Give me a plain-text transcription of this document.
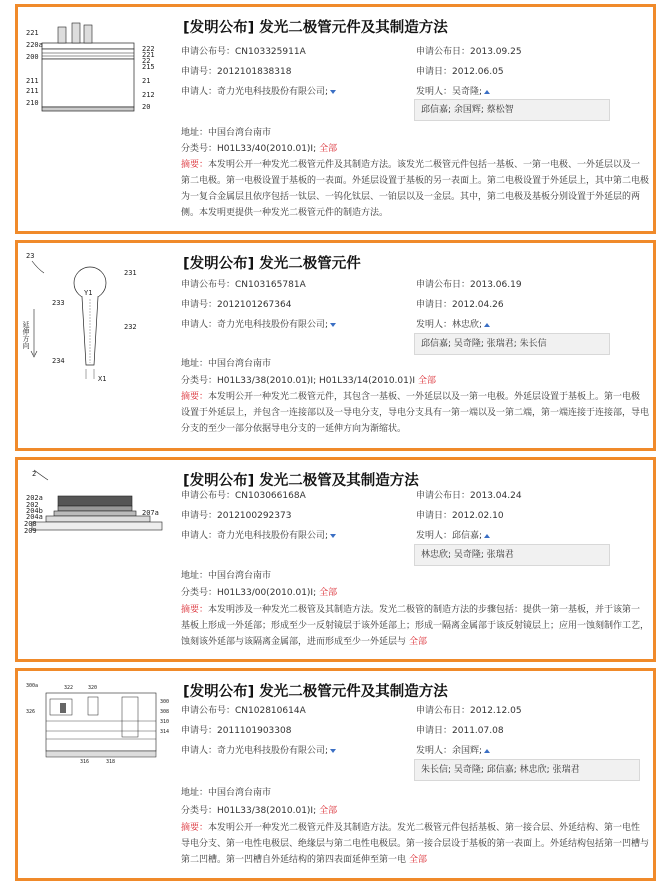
221
220a
200
222
221
22
215
211	21
211	212
210	20
[发明公布] 发光二极管元件及其制造方法
申请公布号：CN103325911A	申请公布日：2013.09.25
申请号：2012101838318	申请日：2012.06.05
申请人：奇力光电科技股份有限公司;	发明人：吴奇隆;
邱信嘉; 余国辉; 蔡松智
地址：中国台湾台南市
分类号：H01L33/40(2010.01)I; 全部
摘要：本发明公开一种发光二极管元件及其制造方法。该发光二极管元件包括一基板、一第一电极、一外延层以及一第二电极。第一电极设置于基板的一表面。外延层设置于基板的另一表面上。第二电极设置于外延层上，其中第二电极为一复合金属层且依序包括一钛层、一钨化钛层、一铂层以及一金层。其中，第二电极及基板分别设置于外延层的两侧。本发明更提供一种发光二极管元件的制造方法。
23
231
Y1
233
232
234
X1
延伸方向
[发明公布] 发光二极管元件
申请公布号：CN103165781A	申请公布日：2013.06.19
申请号：2012101267364	申请日：2012.04.26
申请人：奇力光电科技股份有限公司;	发明人：林忠欣;
邱信嘉; 吴奇隆; 张瑞君; 朱长信
地址：中国台湾台南市
分类号：H01L33/38(2010.01)I; H01L33/14(2010.01)I 全部
摘要：本发明公开一种发光二极管元件，其包含一基板、一外延层以及一第一电极。外延层设置于基板上。第一电极设置于外延层上，并包含一连接部以及一导电分支，导电分支具有一第一端以及一第二端，第一端连接于连接部，导电分支的至少一部分依据导电分支的一延伸方向为渐缩状。
2
202a
202
204b
204a	207a
208
209
[发明公布] 发光二极管及其制造方法
申请公布号：CN103066168A	申请公布日：2013.04.24
申请号：2012100292373	申请日：2012.02.10
申请人：奇力光电科技股份有限公司;	发明人：邱信嘉;
林忠欣; 吴奇隆; 张瑞君
地址：中国台湾台南市
分类号：H01L33/00(2010.01)I; 全部
摘要：本发明涉及一种发光二极管及其制造方法。发光二极管的制造方法的步骤包括：提供一第一基板，并于该第一基板上形成一外延部；形成至少一反射镜层于该外延部上；形成一隔离金属部于该反射镜层上；应用一蚀刻制作工艺，蚀刻该外延部与该隔离金属部，进而形成至少一外延层与 全部
300a	322	320
326
300
308
310
314
316	318
[发明公布] 发光二极管元件及其制造方法
申请公布号：CN102810614A	申请公布日：2012.12.05
申请号：2011101903308	申请日：2011.07.08
申请人：奇力光电科技股份有限公司;	发明人：余国辉;
朱长信; 吴奇隆; 邱信嘉; 林忠欣; 张瑞君
地址：中国台湾台南市
分类号：H01L33/38(2010.01)I; 全部
摘要：本发明公开一种发光二极管元件及其制造方法。发光二极管元件包括基板、第一接合层、外延结构、第一电性导电分支、第一电性电极层、绝缘层与第二电性电极层。第一接合层设于基板的第一表面上。外延结构包括第一凹槽与第二凹槽。第一凹槽自外延结构的第四表面延伸至第一电 全部
